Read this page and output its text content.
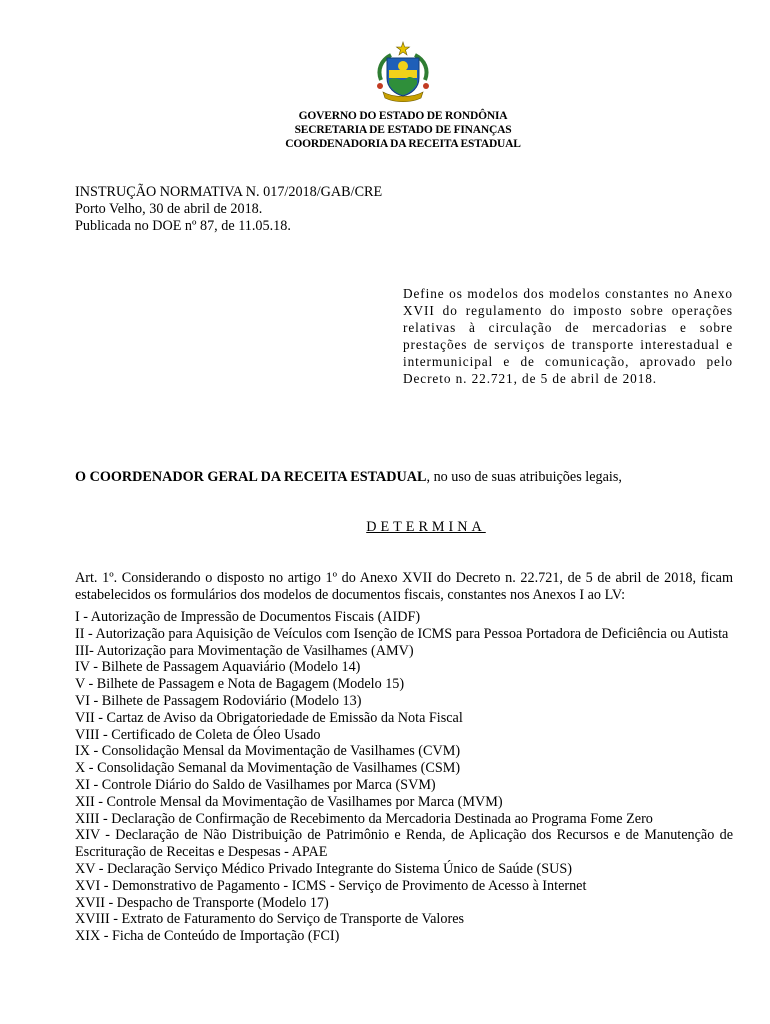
GOVERNO DO ESTADO DE RONDÔNIA
SECRETARIA DE ESTADO DE FINANÇAS
COORDENADORIA DA RECEITA ESTADUAL
INSTRUÇÃO NORMATIVA N. 017/2018/GAB/CRE
Porto Velho, 30 de abril de 2018.
Publicada no DOE nº 87, de 11.05.18.
Define os modelos dos modelos constantes no Anexo XVII do regulamento do imposto sobre operações relativas à circulação de mercadorias e sobre prestações de serviços de transporte interestadual e intermunicipal e de comunicação, aprovado pelo Decreto n. 22.721, de 5 de abril de 2018.
O COORDENADOR GERAL DA RECEITA ESTADUAL, no uso de suas atribuições legais,
DETERMINA
Art. 1º. Considerando o disposto no artigo 1º do Anexo XVII do Decreto n. 22.721, de 5 de abril de 2018, ficam estabelecidos os formulários dos modelos de documentos fiscais, constantes nos Anexos I ao LV:
I - Autorização de Impressão de Documentos Fiscais (AIDF)
II - Autorização para Aquisição de Veículos com Isenção de ICMS para Pessoa Portadora de Deficiência ou Autista
III- Autorização para Movimentação de Vasilhames (AMV)
IV - Bilhete de Passagem Aquaviário (Modelo 14)
V - Bilhete de Passagem e Nota de Bagagem (Modelo 15)
VI - Bilhete de Passagem Rodoviário (Modelo 13)
VII - Cartaz de Aviso da Obrigatoriedade de Emissão da Nota Fiscal
VIII - Certificado de Coleta de Óleo Usado
IX - Consolidação Mensal da Movimentação de Vasilhames (CVM)
X - Consolidação Semanal da Movimentação de Vasilhames (CSM)
XI - Controle Diário do Saldo de Vasilhames por Marca (SVM)
XII - Controle Mensal da Movimentação de Vasilhames por Marca (MVM)
XIII - Declaração de Confirmação de Recebimento da Mercadoria Destinada ao Programa Fome Zero
XIV - Declaração de Não Distribuição de Patrimônio e Renda, de Aplicação dos Recursos e de Manutenção de Escrituração de Receitas e Despesas - APAE
XV - Declaração Serviço Médico Privado Integrante do Sistema Único de Saúde (SUS)
XVI - Demonstrativo de Pagamento - ICMS - Serviço de Provimento de Acesso à Internet
XVII - Despacho de Transporte (Modelo 17)
XVIII - Extrato de Faturamento do Serviço de Transporte de Valores
XIX - Ficha de Conteúdo de Importação (FCI)
